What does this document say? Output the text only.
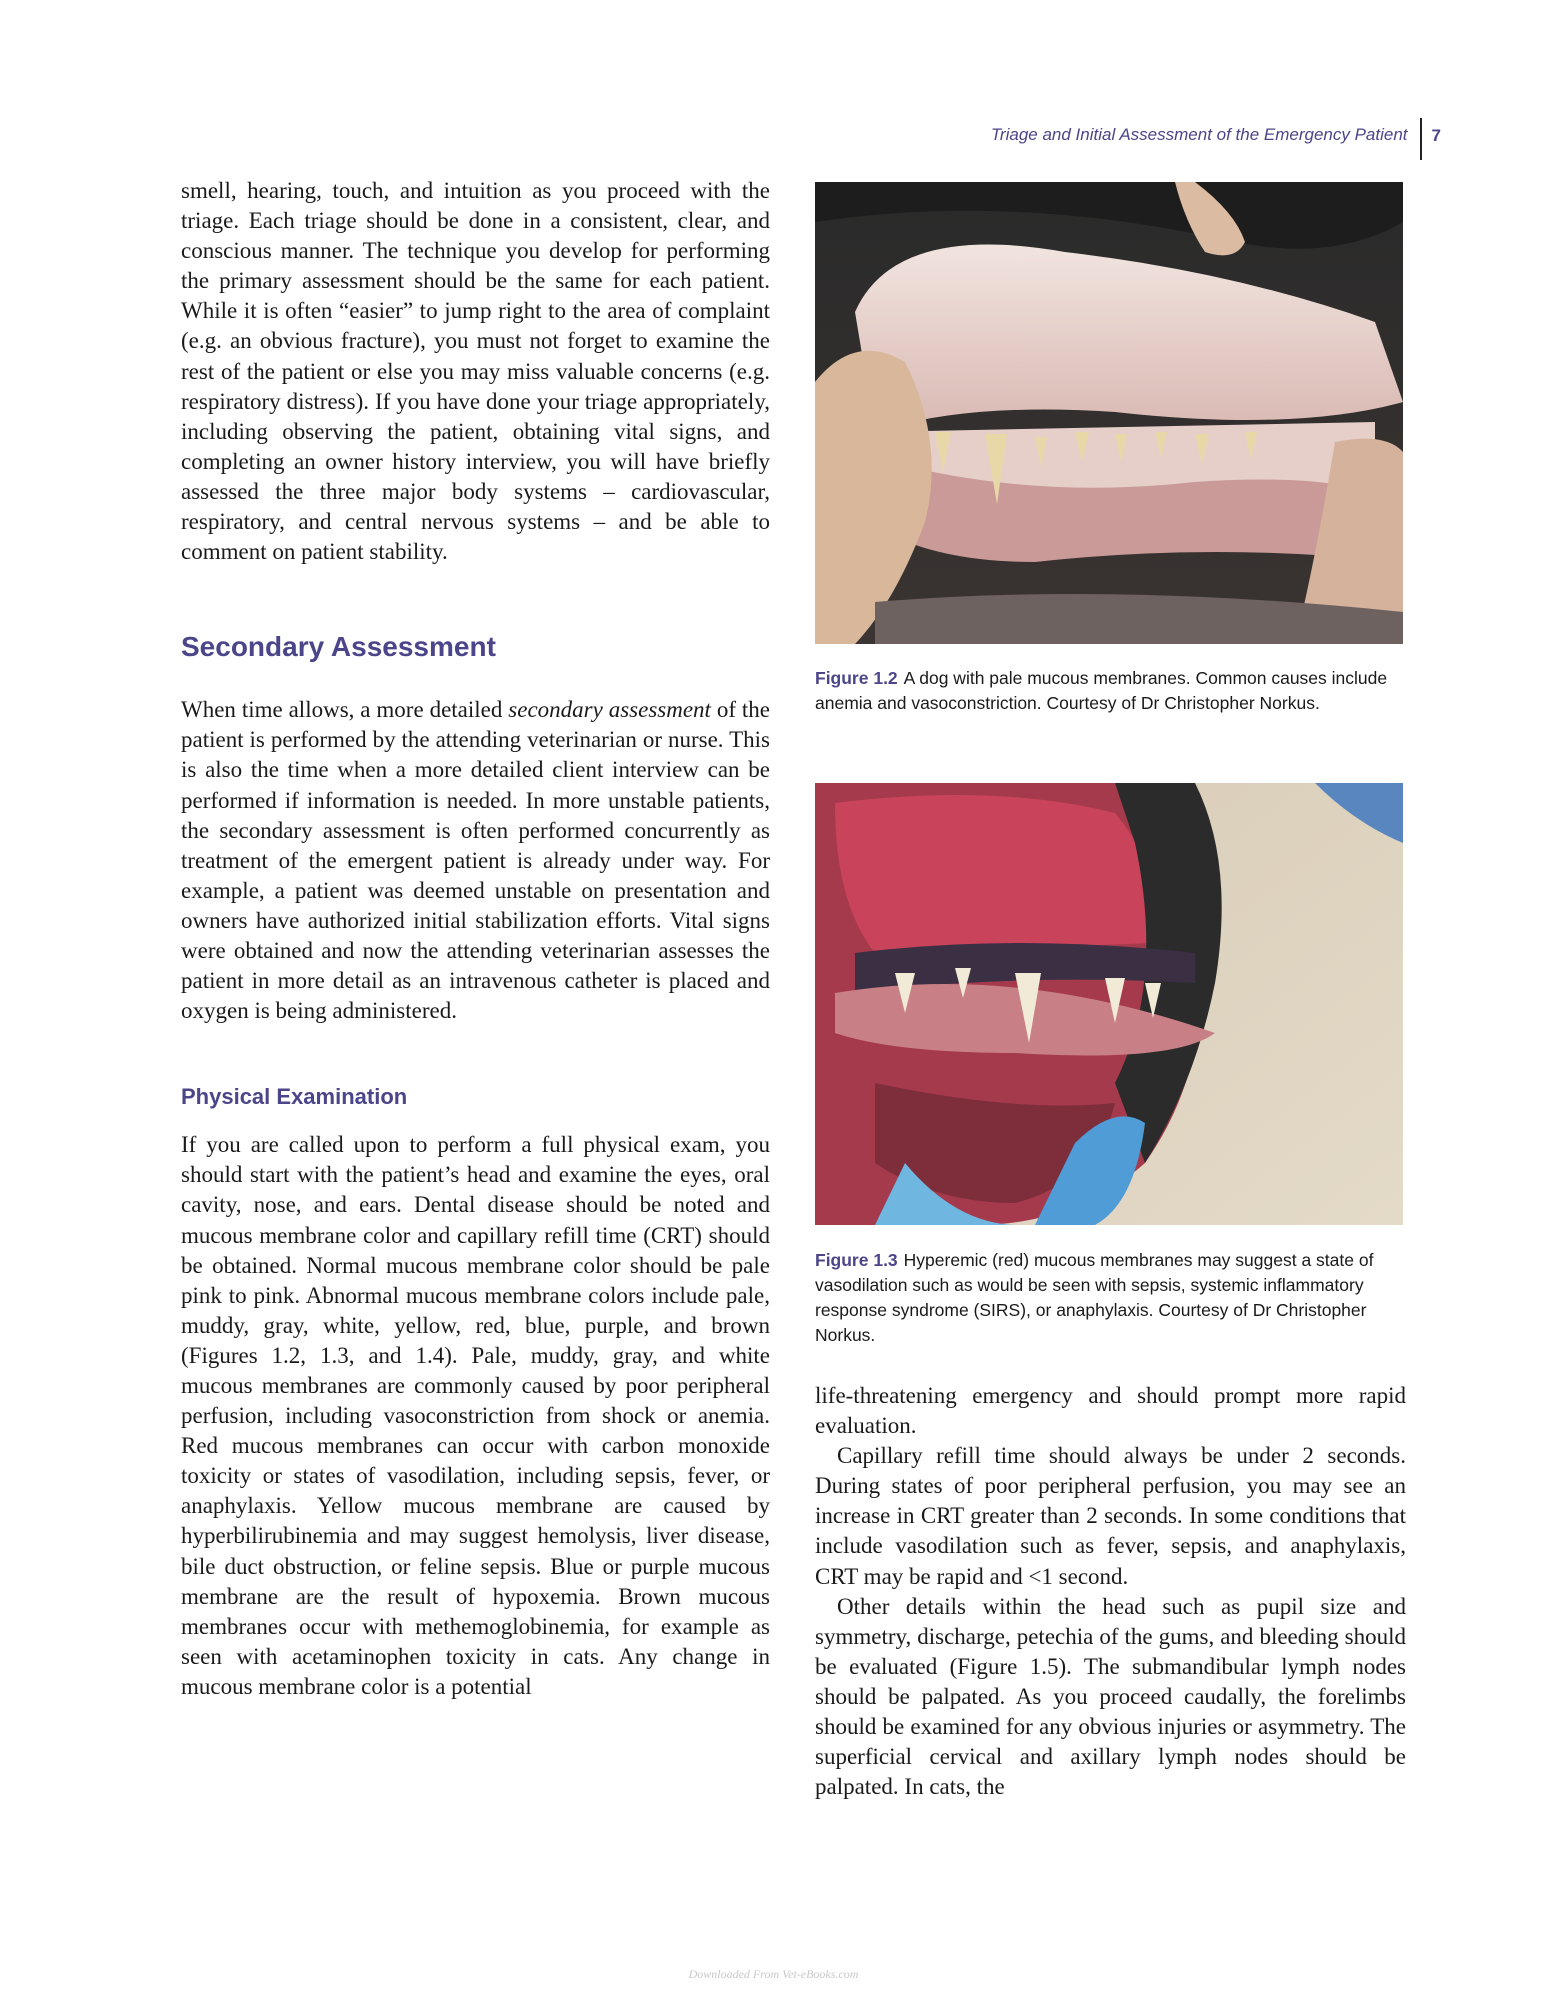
Triage and Initial Assessment of the Emergency Patient	7

smell, hearing, touch, and intuition as you proceed with the triage. Each triage should be done in a consistent, clear, and conscious manner. The technique you develop for performing the primary assessment should be the same for each patient. While it is often “easier” to jump right to the area of complaint (e.g. an obvious fracture), you must not forget to examine the rest of the patient or else you may miss valuable concerns (e.g. respiratory distress). If you have done your triage appropriately, including observing the patient, obtaining vital signs, and completing an owner history interview, you will have briefly assessed the three major body systems – cardiovascular, respiratory, and central nervous systems – and be able to comment on patient stability.

Secondary Assessment

When time allows, a more detailed secondary assessment of the patient is performed by the attending veterinarian or nurse. This is also the time when a more detailed client interview can be performed if information is needed. In more unstable patients, the secondary assessment is often performed concurrently as treatment of the emergent patient is already under way. For example, a patient was deemed unstable on presentation and owners have authorized initial stabilization efforts. Vital signs were obtained and now the attending veterinarian assesses the patient in more detail as an intravenous catheter is placed and oxygen is being administered.

Physical Examination

If you are called upon to perform a full physical exam, you should start with the patient’s head and examine the eyes, oral cavity, nose, and ears. Dental disease should be noted and mucous membrane color and capillary refill time (CRT) should be obtained. Normal mucous membrane color should be pale pink to pink. Abnormal mucous membrane colors include pale, muddy, gray, white, yellow, red, blue, purple, and brown (Figures 1.2, 1.3, and 1.4). Pale, muddy, gray, and white mucous membranes are commonly caused by poor peripheral perfusion, including vasoconstriction from shock or anemia. Red mucous membranes can occur with carbon monoxide toxicity or states of vasodilation, including sepsis, fever, or anaphylaxis. Yellow mucous membrane are caused by hyperbilirubinemia and may suggest hemolysis, liver disease, bile duct obstruction, or feline sepsis. Blue or purple mucous membrane are the result of hypoxemia. Brown mucous membranes occur with methemoglobinemia, for example as seen with acetaminophen toxicity in cats. Any change in mucous membrane color is a potential

Figure 1.2 A dog with pale mucous membranes. Common causes include anemia and vasoconstriction. Courtesy of Dr Christopher Norkus.

Figure 1.3 Hyperemic (red) mucous membranes may suggest a state of vasodilation such as would be seen with sepsis, systemic inflammatory response syndrome (SIRS), or anaphylaxis. Courtesy of Dr Christopher Norkus.

life-threatening emergency and should prompt more rapid evaluation.

Capillary refill time should always be under 2 seconds. During states of poor peripheral perfusion, you may see an increase in CRT greater than 2 seconds. In some conditions that include vasodilation such as fever, sepsis, and anaphylaxis, CRT may be rapid and <1 second.

Other details within the head such as pupil size and symmetry, discharge, petechia of the gums, and bleeding should be evaluated (Figure 1.5). The submandibular lymph nodes should be palpated. As you proceed caudally, the forelimbs should be examined for any obvious injuries or asymmetry. The superficial cervical and axillary lymph nodes should be palpated. In cats, the

Downloaded From Vet-eBooks.com
